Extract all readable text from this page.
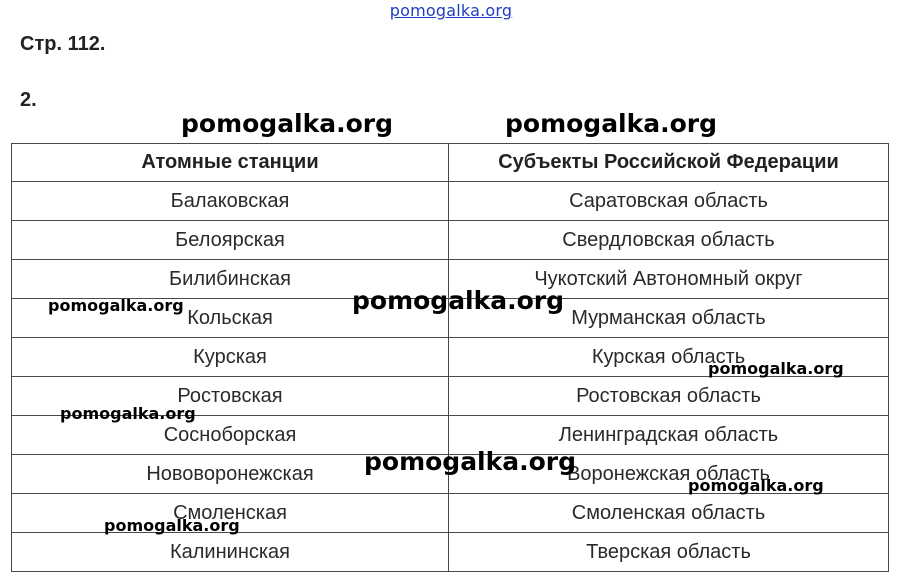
pomogalka.org
Стр. 112.
2.
pomogalka.org	pomogalka.org
Атомные станции	Субъекты Российской Федерации
Балаковская	Саратовская область
Белоярская	Свердловская область
Билибинская	Чукотский Автономный округ
Кольская	Мурманская область
Курская	Курская область
Ростовская	Ростовская область
Сосноборская	Ленинградская область
Нововоронежская	Воронежская область
Смоленская	Смоленская область
Калининская	Тверская область
pomogalka.org	pomogalka.org
pomogalka.org
pomogalka.org
pomogalka.org
pomogalka.org
pomogalka.org
